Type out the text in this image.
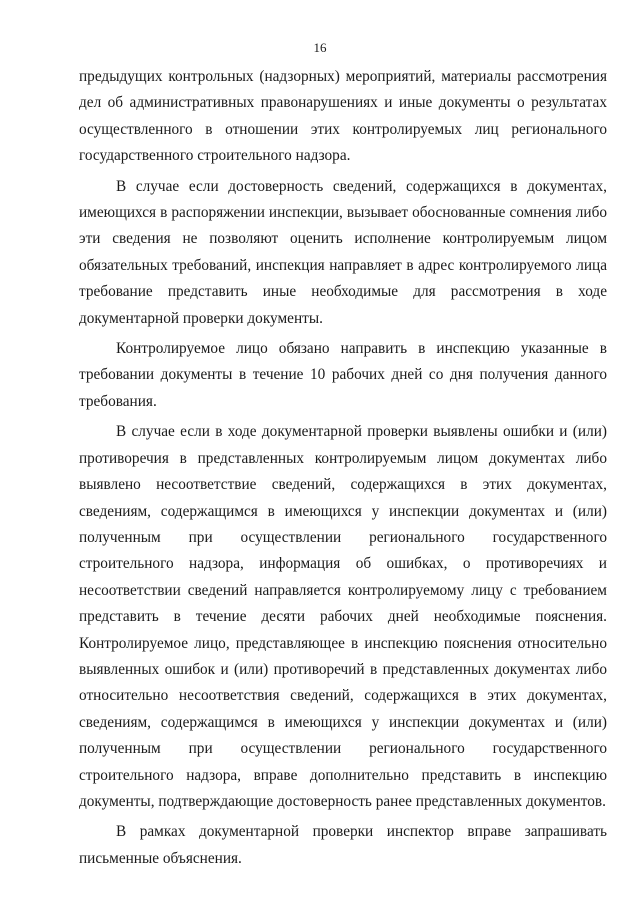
16

предыдущих контрольных (надзорных) мероприятий, материалы рассмотрения дел об административных правонарушениях и иные документы о результатах осуществленного в отношении этих контролируемых лиц регионального государственного строительного надзора.

В случае если достоверность сведений, содержащихся в документах, имеющихся в распоряжении инспекции, вызывает обоснованные сомнения либо эти сведения не позволяют оценить исполнение контролируемым лицом обязательных требований, инспекция направляет в адрес контролируемого лица требование представить иные необходимые для рассмотрения в ходе документарной проверки документы.

Контролируемое лицо обязано направить в инспекцию указанные в требовании документы в течение 10 рабочих дней со дня получения данного требования.

В случае если в ходе документарной проверки выявлены ошибки и (или) противоречия в представленных контролируемым лицом документах либо выявлено несоответствие сведений, содержащихся в этих документах, сведениям, содержащимся в имеющихся у инспекции документах и (или) полученным при осуществлении регионального государственного строительного надзора, информация об ошибках, о противоречиях и несоответствии сведений направляется контролируемому лицу с требованием представить в течение десяти рабочих дней необходимые пояснения. Контролируемое лицо, представляющее в инспекцию пояснения относительно выявленных ошибок и (или) противоречий в представленных документах либо относительно несоответствия сведений, содержащихся в этих документах, сведениям, содержащимся в имеющихся у инспекции документах и (или) полученным при осуществлении регионального государственного строительного надзора, вправе дополнительно представить в инспекцию документы, подтверждающие достоверность ранее представленных документов.

В рамках документарной проверки инспектор вправе запрашивать письменные объяснения.
